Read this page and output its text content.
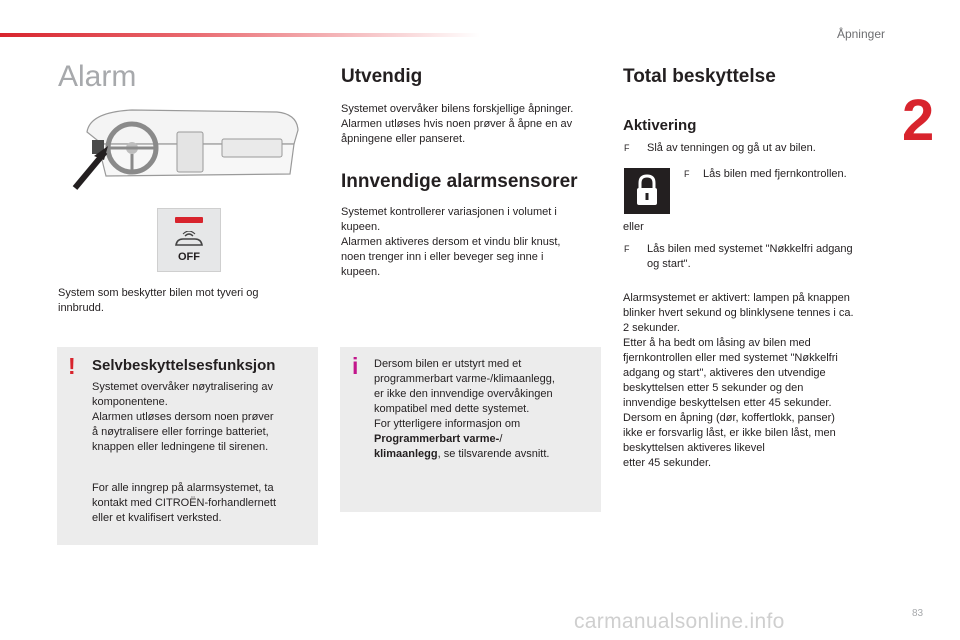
Åpninger
2
Alarm
OFF
System som beskytter bilen mot tyveri og
innbrudd.
! Selvbeskyttelsesfunksjon
Systemet overvåker nøytralisering av
komponentene.
Alarmen utløses dersom noen prøver
å nøytralisere eller forringe batteriet,
knappen eller ledningene til sirenen.
For alle inngrep på alarmsystemet, ta
kontakt med CITROËN-forhandlernett
eller et kvalifisert verksted.
Utvendig
Systemet overvåker bilens forskjellige åpninger.
Alarmen utløses hvis noen prøver å åpne en av
åpningene eller panseret.
Innvendige alarmsensorer
Systemet kontrollerer variasjonen i volumet i
kupeen.
Alarmen aktiveres dersom et vindu blir knust,
noen trenger inn i eller beveger seg inne i
kupeen.
i Dersom bilen er utstyrt med et
programmerbart varme-/klimaanlegg,
er ikke den innvendige overvåkingen
kompatibel med dette systemet.
For ytterligere informasjon om
Programmerbart varme-/
klimaanlegg, se tilsvarende avsnitt.
Total beskyttelse
Aktivering
F Slå av tenningen og gå ut av bilen.
F Lås bilen med fjernkontrollen.
eller
F Lås bilen med systemet "Nøkkelfri adgang
og start".
Alarmsystemet er aktivert: lampen på knappen
blinker hvert sekund og blinklysene tennes i ca.
2 sekunder.
Etter å ha bedt om låsing av bilen med
fjernkontrollen eller med systemet "Nøkkelfri
adgang og start", aktiveres den utvendige
beskyttelsen etter 5 sekunder og den
innvendige beskyttelsen etter 45 sekunder.
Dersom en åpning (dør, koffertlokk, panser)
ikke er forsvarlig låst, er ikke bilen låst, men
beskyttelsen aktiveres likevel
etter 45 sekunder.
carmanualsonline.info	83
